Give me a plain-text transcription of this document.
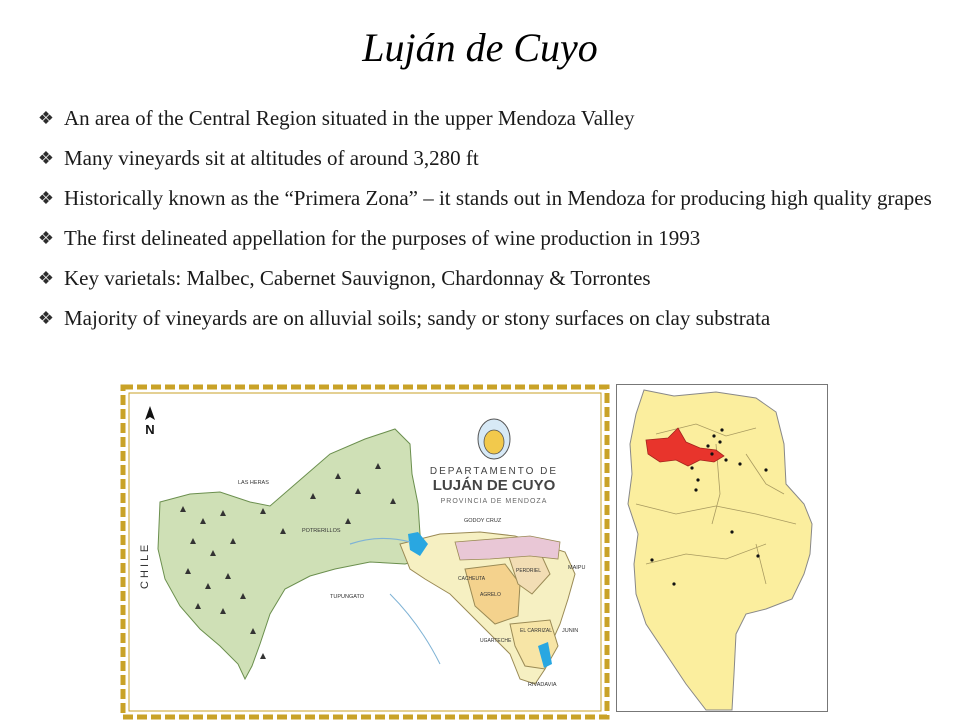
Luján de Cuyo
❖ An area of the Central Region situated in the upper Mendoza Valley
❖ Many vineyards sit at altitudes of around 3,280 ft
❖ Historically known as the “Primera Zona” – it stands out in Mendoza for producing high quality grapes
❖ The first delineated appellation for the purposes of wine production in 1993
❖ Key varietals: Malbec, Cabernet Sauvignon, Chardonnay & Torrontes
❖ Majority of vineyards are on alluvial soils; sandy or stony surfaces on clay substrata
N
C H I L E
DEPARTAMENTO DE
LUJÁN DE CUYO
PROVINCIA DE MENDOZA
LAS HERAS
POTRERILLOS
GODOY CRUZ
MAIPU
TUPUNGATO
JUNIN
RIVADAVIA
EL CARRIZAL
AGRELO
UGARTECHE
CACHEUTA
PERDRIEL
